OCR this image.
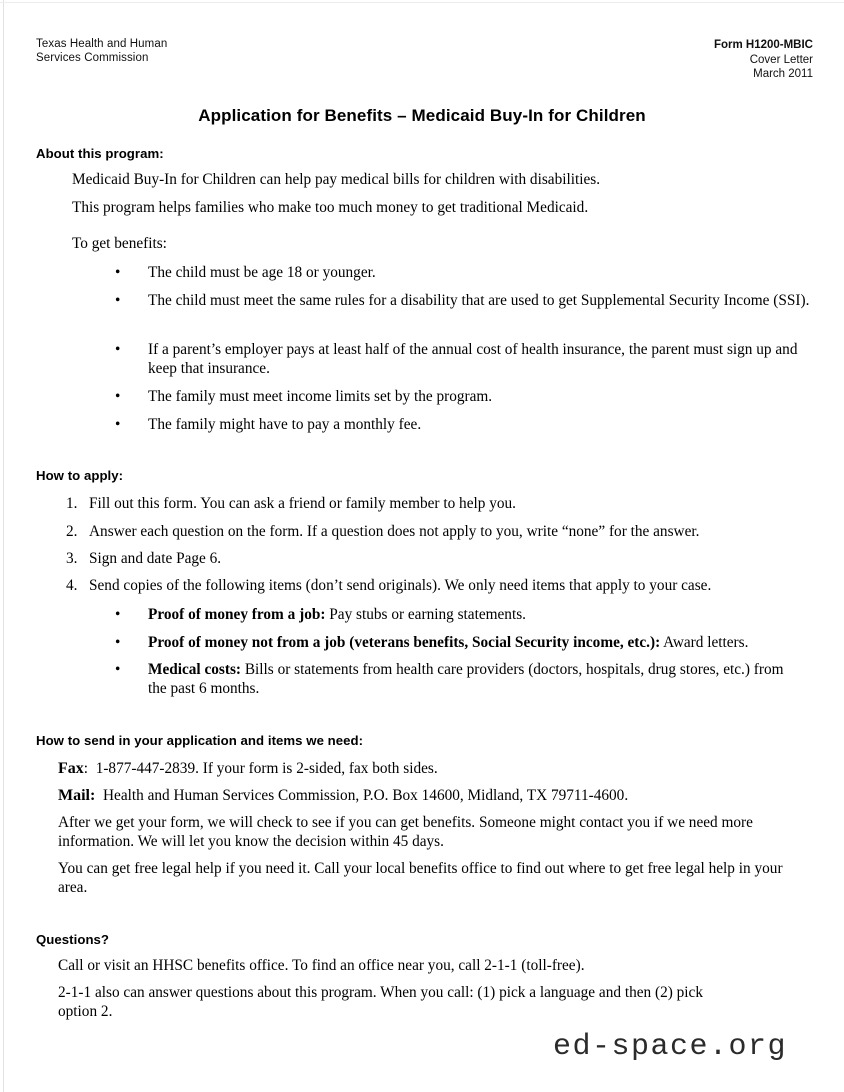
Texas Health and Human
Services Commission
Form H1200-MBIC
Cover Letter
March 2011
Application for Benefits – Medicaid Buy-In for Children
About this program:
Medicaid Buy-In for Children can help pay medical bills for children with disabilities.
This program helps families who make too much money to get traditional Medicaid.
To get benefits:
•	The child must be age 18 or younger.
•	The child must meet the same rules for a disability that are used to get Supplemental Security Income (SSI).
•	If a parent’s employer pays at least half of the annual cost of health insurance, the parent must sign up and keep that insurance.
•	The family must meet income limits set by the program.
•	The family might have to pay a monthly fee.
How to apply:
1. Fill out this form. You can ask a friend or family member to help you.
2. Answer each question on the form. If a question does not apply to you, write “none” for the answer.
3. Sign and date Page 6.
4. Send copies of the following items (don’t send originals). We only need items that apply to your case.
•	Proof of money from a job: Pay stubs or earning statements.
•	Proof of money not from a job (veterans benefits, Social Security income, etc.): Award letters.
•	Medical costs: Bills or statements from health care providers (doctors, hospitals, drug stores, etc.) from the past 6 months.
How to send in your application and items we need:
Fax: 1-877-447-2839. If your form is 2-sided, fax both sides.
Mail: Health and Human Services Commission, P.O. Box 14600, Midland, TX 79711-4600.
After we get your form, we will check to see if you can get benefits. Someone might contact you if we need more information. We will let you know the decision within 45 days.
You can get free legal help if you need it. Call your local benefits office to find out where to get free legal help in your area.
Questions?
Call or visit an HHSC benefits office. To find an office near you, call 2-1-1 (toll-free).
2-1-1 also can answer questions about this program. When you call: (1) pick a language and then (2) pick option 2.
ed-space.org
